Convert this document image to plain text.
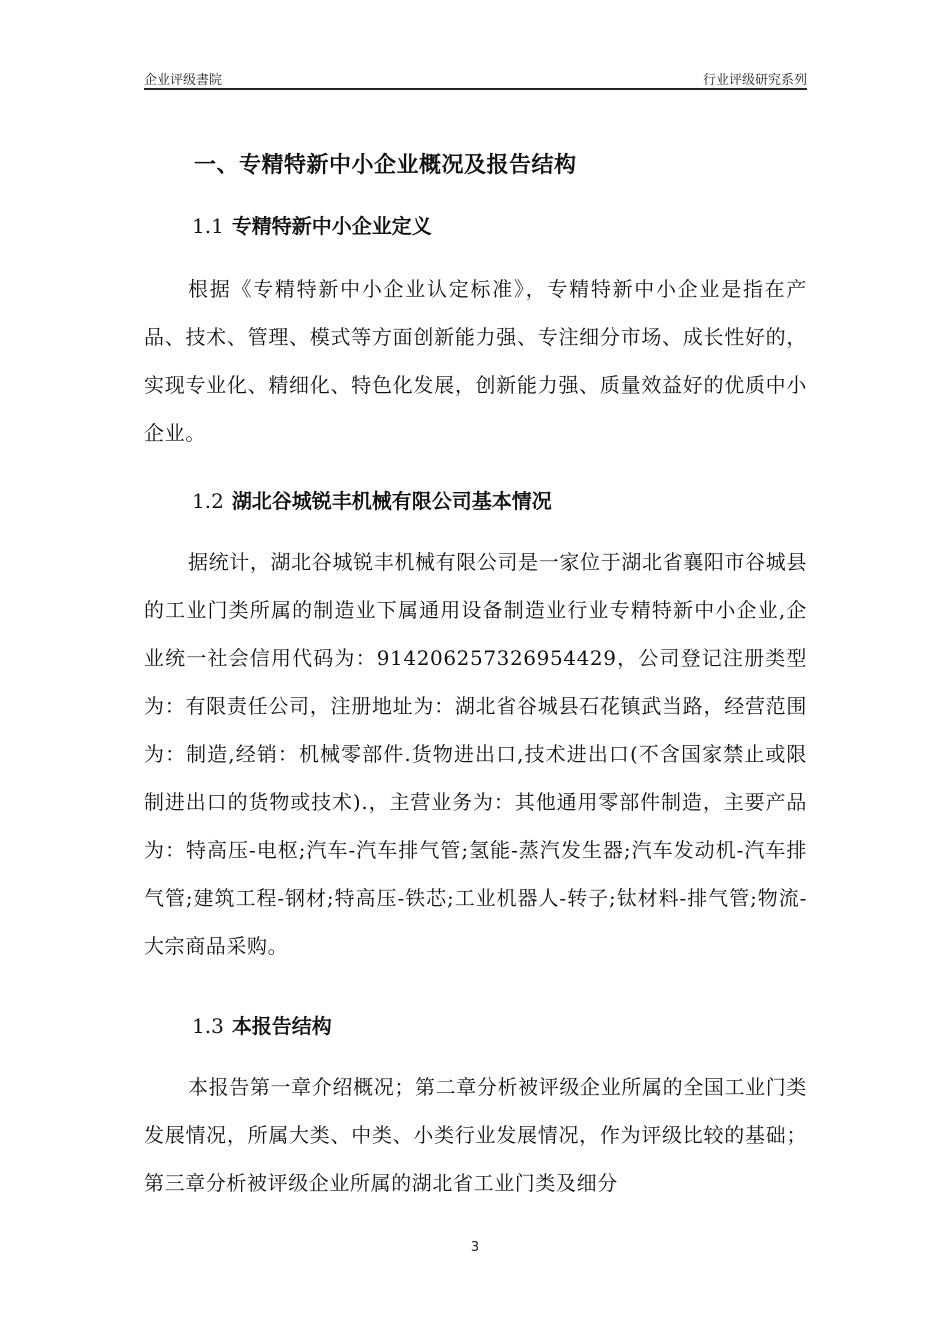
企业评级書院	行业评级研究系列
一、专精特新中小企业概况及报告结构
1.1 专精特新中小企业定义
根据《专精特新中小企业认定标准》，专精特新中小企业是指在产品、技术、管理、模式等方面创新能力强、专注细分市场、成长性好的，实现专业化、精细化、特色化发展，创新能力强、质量效益好的优质中小企业。
1.2 湖北谷城锐丰机械有限公司基本情况
据统计，湖北谷城锐丰机械有限公司是一家位于湖北省襄阳市谷城县的工业门类所属的制造业下属通用设备制造业行业专精特新中小企业,企业统一社会信用代码为：914206257326954429，公司登记注册类型为：有限责任公司，注册地址为：湖北省谷城县石花镇武当路，经营范围为：制造,经销：机械零部件.货物进出口,技术进出口(不含国家禁止或限制进出口的货物或技术).，主营业务为：其他通用零部件制造，主要产品为：特高压-电枢;汽车-汽车排气管;氢能-蒸汽发生器;汽车发动机-汽车排气管;建筑工程-钢材;特高压-铁芯;工业机器人-转子;钛材料-排气管;物流-大宗商品采购。
1.3 本报告结构
本报告第一章介绍概况；第二章分析被评级企业所属的全国工业门类发展情况，所属大类、中类、小类行业发展情况，作为评级比较的基础；第三章分析被评级企业所属的湖北省工业门类及细分
3
